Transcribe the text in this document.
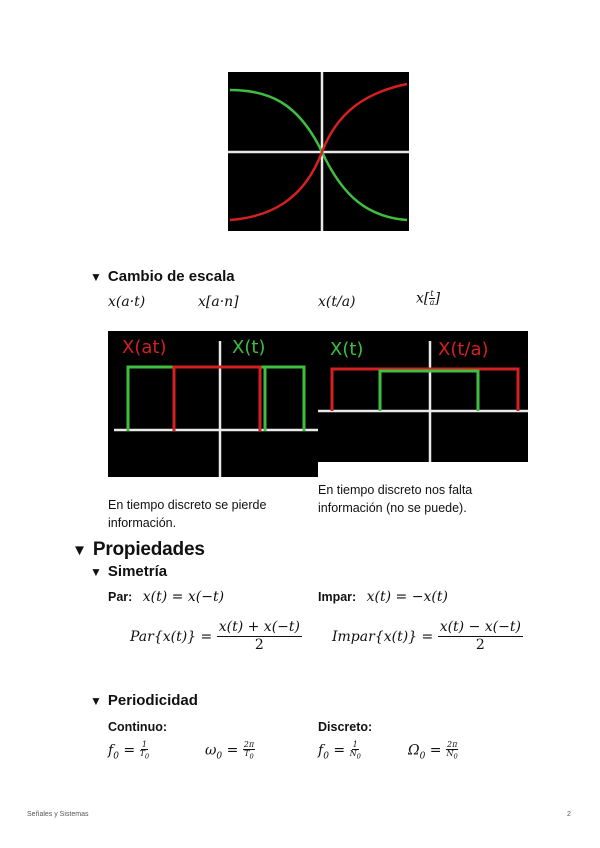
▼ Cambio de escala
x(a·t)	x[a·n]	x(t/a)	$x[ \frac{t}{a}$ ]
X(at)	X(t)	X(t)	X(t/a)
En tiempo discreto se pierde información.
En tiempo discreto nos falta información (no se puede).
▼ Propiedades
▼ Simetría
Par: x(t) = x(−t)	Impar: x(t) = −x(t)
$Par\{x(t)\} = \frac{x(t) + x(-t)}{2}$ Impar{x(t)} = $\frac{x(t) - x(-t)}{2}$
▼ Periodicidad
Continuo:	Discreto:
$f_0 = \frac{1}{T_0}$	$\omega_0 = \frac{2\pi}{T_0}$	$f_0 = \frac{1}{N_0}$	$\Omega_0 = \frac{2\pi}{N_0}$
Señales y Sistemas	2
